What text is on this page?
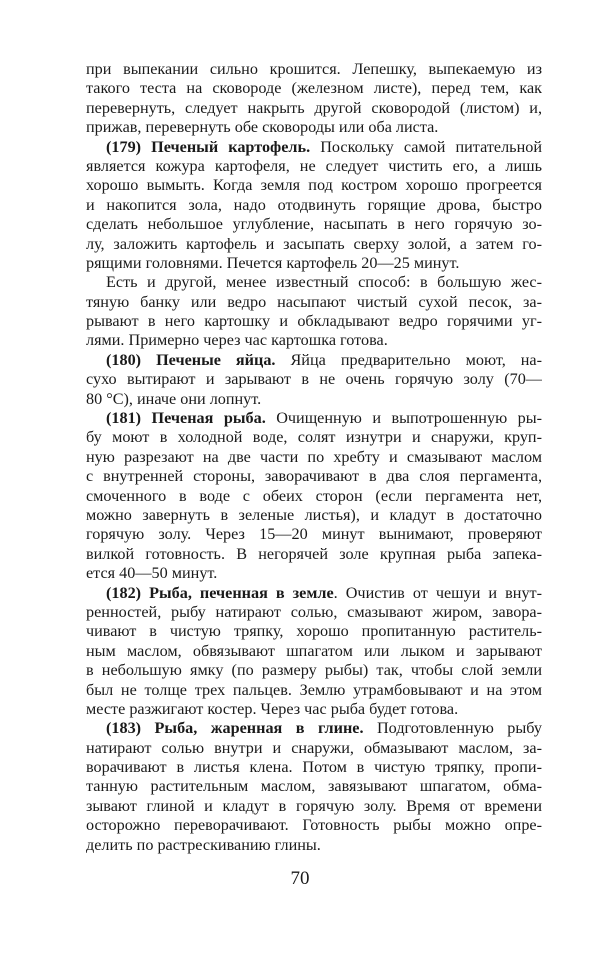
при выпекании сильно крошится. Лепешку, выпекаемую из
такого теста на сковороде (железном листе), перед тем, как
перевернуть, следует накрыть другой сковородой (листом) и,
прижав, перевернуть обе сковороды или оба листа.
(179) Печеный картофель. Поскольку самой питательной
является кожура картофеля, не следует чистить его, а лишь
хорошо вымыть. Когда земля под костром хорошо прогреется
и накопится зола, надо отодвинуть горящие дрова, быстро
сделать небольшое углубление, насыпать в него горячую зо-
лу, заложить картофель и засыпать сверху золой, а затем го-
рящими головнями. Печется картофель 20—25 минут.
Есть и другой, менее известный способ: в большую жес-
тяную банку или ведро насыпают чистый сухой песок, за-
рывают в него картошку и обкладывают ведро горячими уг-
лями. Примерно через час картошка готова.
(180) Печеные яйца. Яйца предварительно моют, на-
сухо вытирают и зарывают в не очень горячую золу (70—
80 °С), иначе они лопнут.
(181) Печеная рыба. Очищенную и выпотрошенную ры-
бу моют в холодной воде, солят изнутри и снаружи, круп-
ную разрезают на две части по хребту и смазывают маслом
с внутренней стороны, заворачивают в два слоя пергамента,
смоченного в воде с обеих сторон (если пергамента нет,
можно завернуть в зеленые листья), и кладут в достаточно
горячую золу. Через 15—20 минут вынимают, проверяют
вилкой готовность. В негорячей золе крупная рыба запека-
ется 40—50 минут.
(182) Рыба, печенная в земле. Очистив от чешуи и внут-
ренностей, рыбу натирают солью, смазывают жиром, завора-
чивают в чистую тряпку, хорошо пропитанную раститель-
ным маслом, обвязывают шпагатом или лыком и зарывают
в небольшую ямку (по размеру рыбы) так, чтобы слой земли
был не толще трех пальцев. Землю утрамбовывают и на этом
месте разжигают костер. Через час рыба будет готова.
(183) Рыба, жаренная в глине. Подготовленную рыбу
натирают солью внутри и снаружи, обмазывают маслом, за-
ворачивают в листья клена. Потом в чистую тряпку, пропи-
танную растительным маслом, завязывают шпагатом, обма-
зывают глиной и кладут в горячую золу. Время от времени
осторожно переворачивают. Готовность рыбы можно опре-
делить по растрескиванию глины.
70
